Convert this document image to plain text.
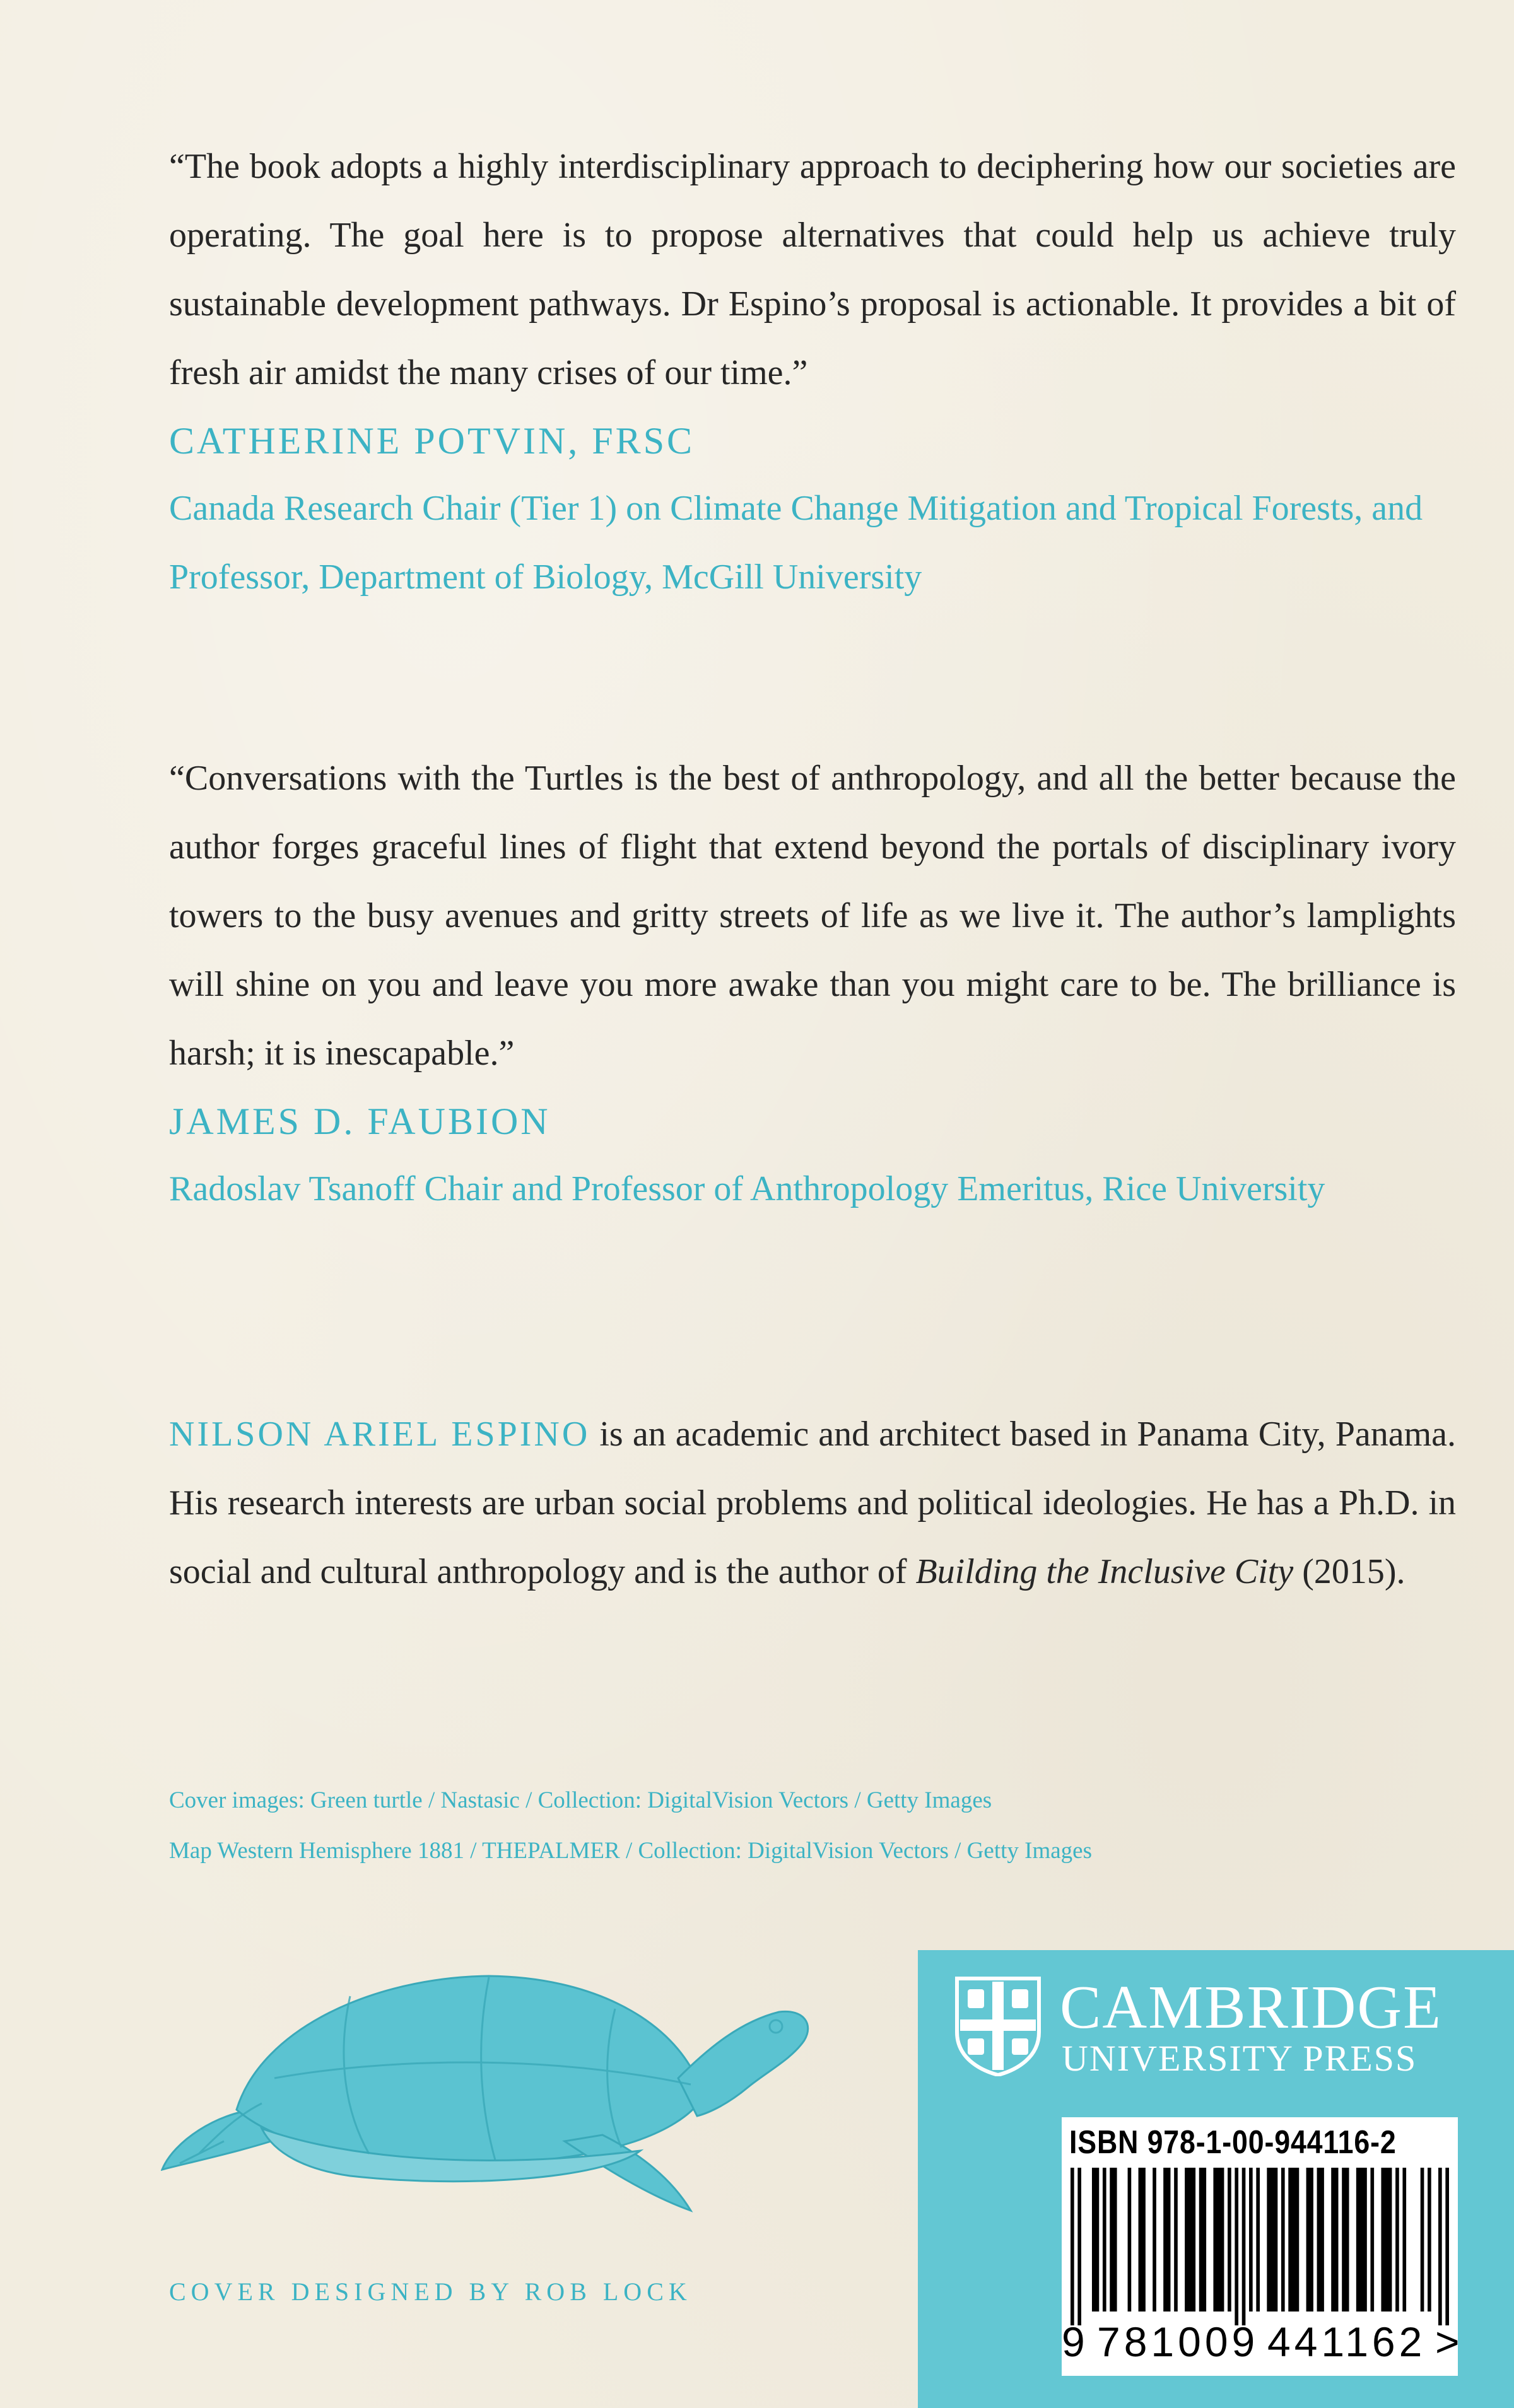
“The book adopts a highly interdisciplinary approach to deciphering how our societies are operating. The goal here is to propose alternatives that could help us achieve truly sustainable development pathways. Dr Espino’s proposal is actionable. It provides a bit of fresh air amidst the many crises of our time.”

CATHERINE POTVIN, FRSC

Canada Research Chair (Tier 1) on Climate Change Mitigation and Tropical Forests, and Professor, Department of Biology, McGill University

“Conversations with the Turtles is the best of anthropology, and all the better because the author forges graceful lines of flight that extend beyond the portals of disciplinary ivory towers to the busy avenues and gritty streets of life as we live it. The author’s lamplights will shine on you and leave you more awake than you might care to be. The brilliance is harsh; it is inescapable.”

JAMES D. FAUBION

Radoslav Tsanoff Chair and Professor of Anthropology Emeritus, Rice University

NILSON ARIEL ESPINO is an academic and architect based in Panama City, Panama. His research interests are urban social problems and political ideologies. He has a Ph.D. in social and cultural anthropology and is the author of Building the Inclusive City (2015).

Cover images: Green turtle / Nastasic / Collection: DigitalVision Vectors / Getty Images

Map Western Hemisphere 1881 / THEPALMER / Collection: DigitalVision Vectors / Getty Images

COVER DESIGNED BY ROB LOCK
CAMBRIDGE
UNIVERSITY PRESS
ISBN 978-1-00-944116-2
9 781009 441162 >
